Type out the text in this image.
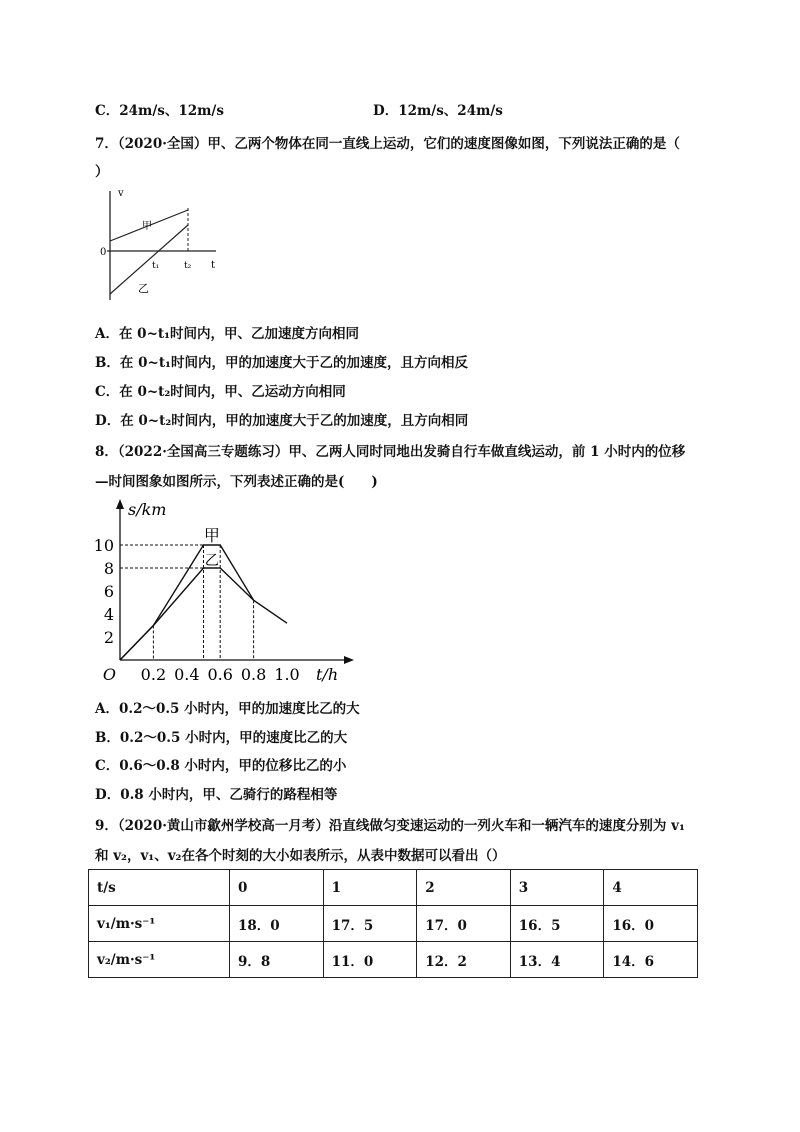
C．24m/s、12m/s	D．12m/s、24m/s
7．（2020·全国）甲、乙两个物体在同一直线上运动，它们的速度图像如图，下列说法正确的是（
）
v
t
0
t₁	t₂
甲
乙
A．在 0~t₁时间内，甲、乙加速度方向相同
B．在 0~t₁时间内，甲的加速度大于乙的加速度，且方向相反
C．在 0~t₂时间内，甲、乙运动方向相同
D．在 0~t₂时间内，甲的加速度大于乙的加速度，且方向相同
8．（2022·全国高三专题练习）甲、乙两人同时同地出发骑自行车做直线运动，前 1 小时内的位移
—时间图象如图所示，下列表述正确的是(　　)
0.2 0.4 0.6 0.8 1.0
2
4
6
8
10
s/km
t/h
O
甲
乙
A．0.2～0.5 小时内，甲的加速度比乙的大
B．0.2～0.5 小时内，甲的速度比乙的大
C．0.6～0.8 小时内，甲的位移比乙的小
D．0.8 小时内，甲、乙骑行的路程相等
9．（2020·黄山市歙州学校高一月考）沿直线做匀变速运动的一列火车和一辆汽车的速度分别为 v₁
和 v₂，v₁、v₂在各个时刻的大小如表所示，从表中数据可以看出（）
t/s	0	1	2	3	4
v₁/m·s⁻¹	18．0	17．5	17．0	16．5	16．0
v₂/m·s⁻¹	9．8	11．0	12．2	13．4	14．6
